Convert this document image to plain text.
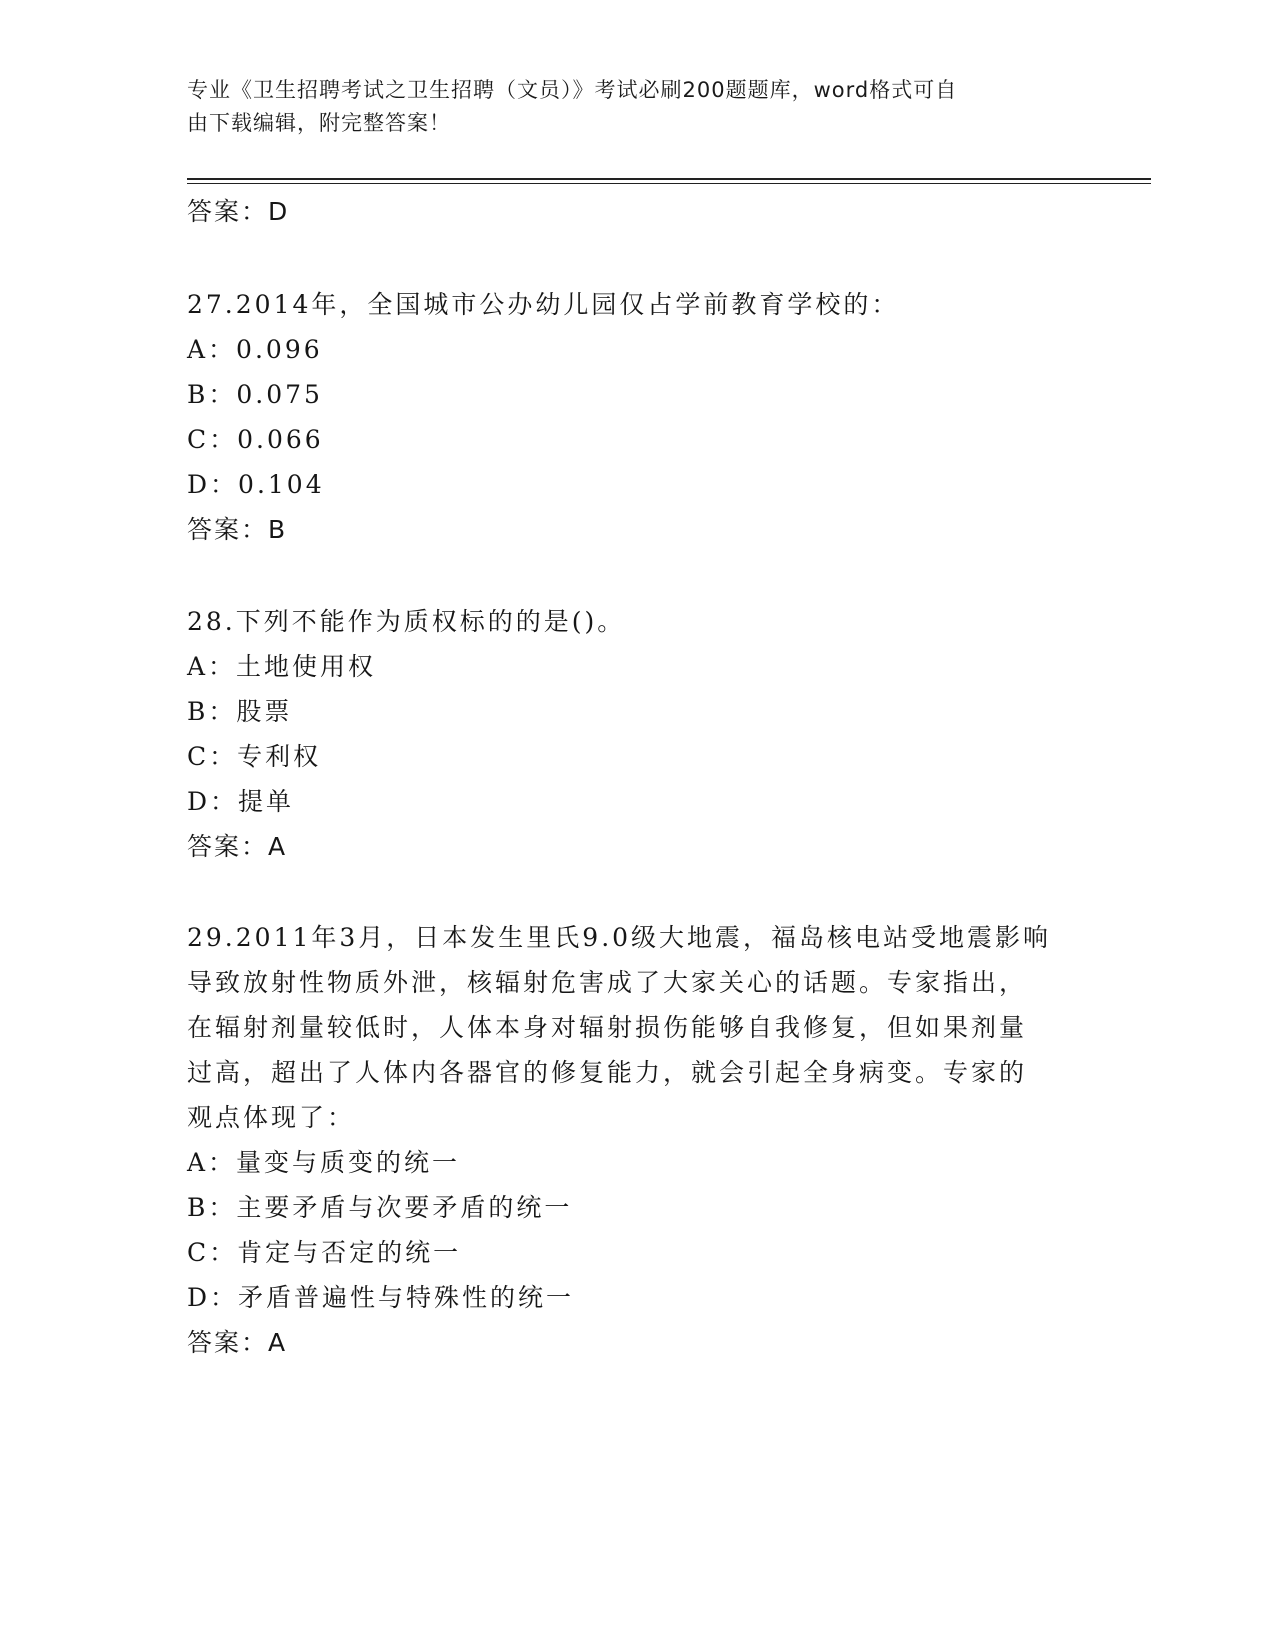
专业《卫生招聘考试之卫生招聘（文员）》考试必刷200题题库，word格式可自
由下载编辑，附完整答案！
答案：D
27.2014年，全国城市公办幼儿园仅占学前教育学校的：
A：0.096
B：0.075
C：0.066
D：0.104
答案：B
28.下列不能作为质权标的的是()。
A：土地使用权
B：股票
C：专利权
D：提单
答案：A
29.2011年3月，日本发生里氏9.0级大地震，福岛核电站受地震影响
导致放射性物质外泄，核辐射危害成了大家关心的话题。专家指出，
在辐射剂量较低时，人体本身对辐射损伤能够自我修复，但如果剂量
过高，超出了人体内各器官的修复能力，就会引起全身病变。专家的
观点体现了：
A：量变与质变的统一
B：主要矛盾与次要矛盾的统一
C：肯定与否定的统一
D：矛盾普遍性与特殊性的统一
答案：A
